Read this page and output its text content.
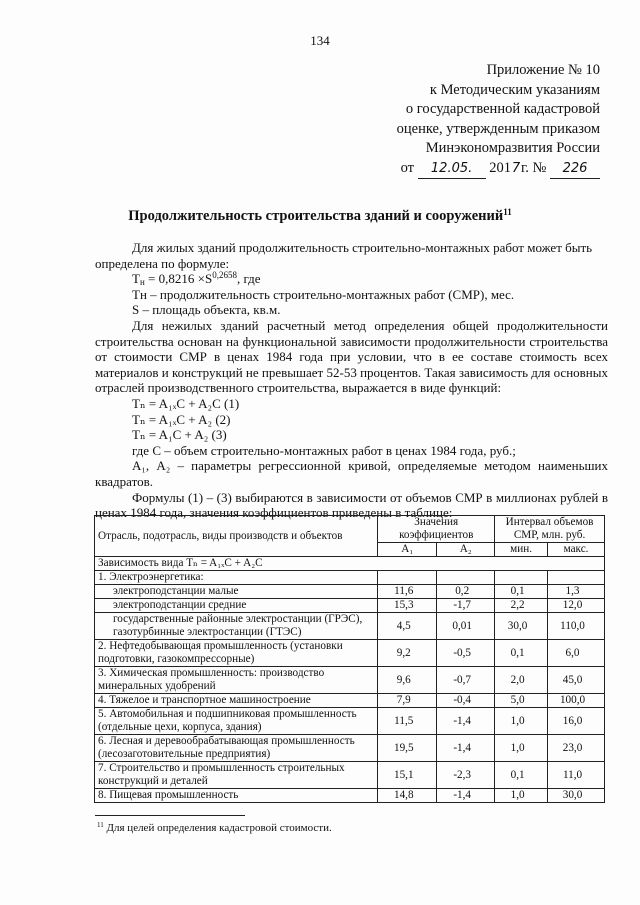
134
Приложение № 10
к Методическим указаниям
о государственной кадастровой
оценке, утвержденным приказом
Минэкономразвития России
от 12.05. 2017г. № 226
Продолжительность строительства зданий и сооружений$^{11}$
Для жилых зданий продолжительность строительно-монтажных работ может быть
определена по формуле:
$Т_н = 0,8216 \times S^{0,2658}$, где
Тн – продолжительность строительно-монтажных работ (СМР), мес.
S – площадь объекта, кв.м.
Для нежилых зданий расчетный метод определения общей продолжительности строительства основан на функциональной зависимости продолжительности строительства от стоимости СМР в ценах 1984 года при условии, что в ее составе стоимость всех материалов и конструкций не превышает 52-53 процентов. Такая зависимость для основных отраслей производственного строительства, выражается в виде функций:
Тₙ = A₁ₓC + A₂C (1)
Тₙ = A₁ₓC + A₂ (2)
Тₙ = A₁C + A₂ (3)
где С – объем строительно-монтажных работ в ценах 1984 года, руб.;
А₁, А₂ – параметры регрессионной кривой, определяемые методом наименьших квадратов.
Формулы (1) – (3) выбираются в зависимости от объемов СМР в миллионах рублей в ценах 1984 года, значения коэффициентов приведены в таблице:
Отрасль, подотрасль, виды производств и объектов	Значения коэффициентов		Интервал объемов СМР, млн. руб.	
	А₁	А₂	мин.	макс.
Зависимость вида Тₙ = A₁ₓC + A₂C				
1. Электроэнергетика:				
электроподстанции малые	11,6	0,2	0,1	1,3
электроподстанции средние	15,3	-1,7	2,2	12,0
государственные районные электростанции (ГРЭС), газотурбинные электростанции (ГТЭС)	4,5	0,01	30,0	110,0
2. Нефтедобывающая промышленность (установки подготовки, газокомпрессорные)	9,2	-0,5	0,1	6,0
3. Химическая промышленность: производство минеральных удобрений	9,6	-0,7	2,0	45,0
4. Тяжелое и транспортное машиностроение	7,9	-0,4	5,0	100,0
5. Автомобильная и подшипниковая промышленность (отдельные цехи, корпуса, здания)	11,5	-1,4	1,0	16,0
6. Лесная и деревообрабатывающая промышленность (лесозаготовительные предприятия)	19,5	-1,4	1,0	23,0
7. Строительство и промышленность строительных конструкций и деталей	15,1	-2,3	0,1	11,0
8. Пищевая промышленность	14,8	-1,4	1,0	30,0
$^{11}$ Для целей определения кадастровой стоимости.
